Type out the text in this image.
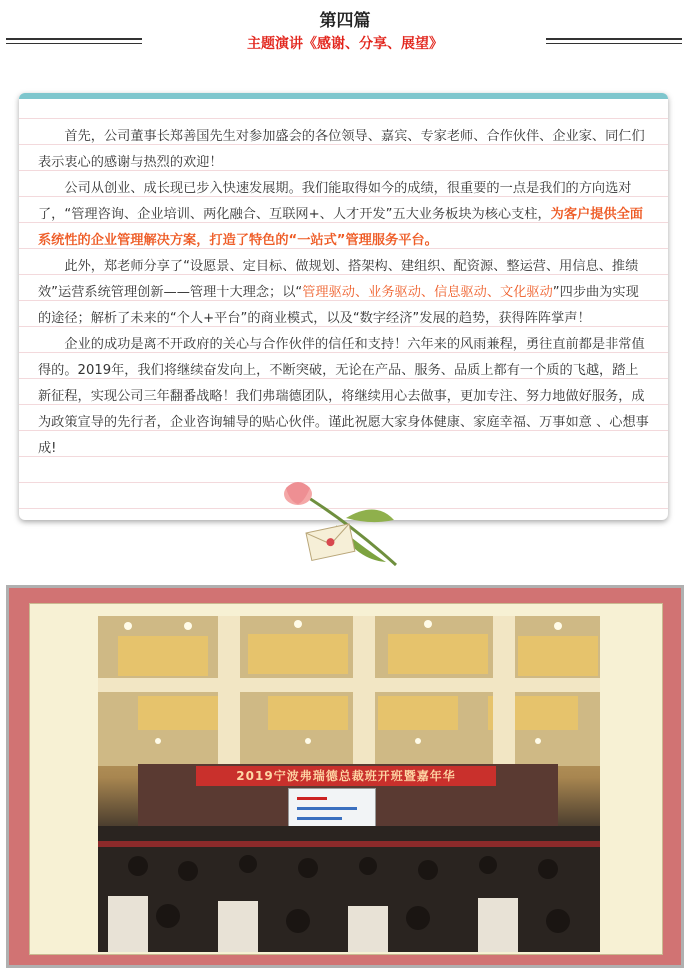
第四篇
主题演讲《感谢、分享、展望》

首先，公司董事长郑善国先生对参加盛会的各位领导、嘉宾、专家老师、合作伙伴、企业家、同仁们表示衷心的感谢与热烈的欢迎！

公司从创业、成长现已步入快速发展期。我们能取得如今的成绩，很重要的一点是我们的方向选对了，“管理咨询、企业培训、两化融合、互联网+、人才开发”五大业务板块为核心支柱，为客户提供全面系统性的企业管理解决方案，打造了特色的“一站式”管理服务平台。

此外，郑老师分享了“设愿景、定目标、做规划、搭架构、建组织、配资源、整运营、用信息、推绩效”运营系统管理创新——管理十大理念；以“管理驱动、业务驱动、信息驱动、文化驱动”四步曲为实现的途径；解析了未来的“个人+平台”的商业模式，以及“数字经济”发展的趋势，获得阵阵掌声！

企业的成功是离不开政府的关心与合作伙伴的信任和支持！六年来的风雨兼程，勇往直前都是非常值得的。2019年，我们将继续奋发向上，不断突破，无论在产品、服务、品质上都有一个质的飞越，踏上新征程，实现公司三年翻番战略！我们弗瑞德团队，将继续用心去做事，更加专注、努力地做好服务，成为政策宣导的先行者，企业咨询辅导的贴心伙伴。谨此祝愿大家身体健康、家庭幸福、万事如意 、心想事成!

2019宁波弗瑞德总裁班开班暨嘉年华
